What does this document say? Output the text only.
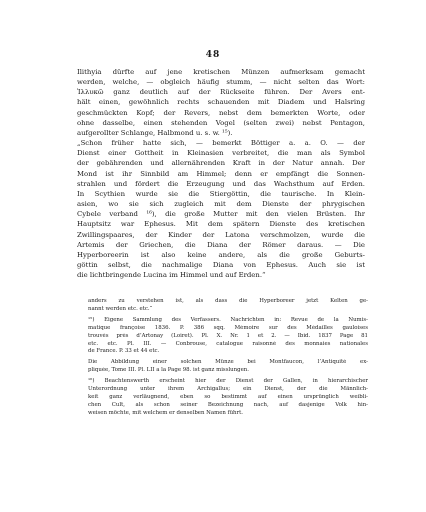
48
Ilithyia dürfte auf jene kretischen Münzen aufmerksam gemacht
werden, welche, — obgleich häufig stumm, — nicht selten das Wort:
Ἰλλυκῶ ganz deutlich auf der Rückseite führen. Der Avers ent-
hält einen, gewöhnlich rechts schauenden mit Diadem und Halsring
geschmückten Kopf; der Revers, nebst dem bemerkten Worte, oder
ohne dasselbe, einen stehenden Vogel (selten zwei) nebst Pentagon,
aufgerollter Schlange, Halbmond u. s. w. ¹⁵).
„Schon früher hatte sich, — bemerkt Böttiger a. a. O. — der
Dienst einer Gottheit in Kleinasien verbreitet, die man als Symbol
der gebährenden und allernährenden Kraft in der Natur annah. Der
Mond ist ihr Sinnbild am Himmel; denn er empfängt die Sonnen-
strahlen und fördert die Erzeugung und das Wachsthum auf Erden.
In Scythien wurde sie die Stiergöttin, die taurische. In Klein-
asien, wo sie sich zugleich mit dem Dienste der phrygischen
Cybele verband ¹⁶), die große Mutter mit den vielen Brüsten. Ihr
Hauptsitz war Ephesus. Mit dem spätern Dienste des kretischen
Zwillingspaares, der Kinder der Latona verschmolzen, wurde die
Artemis der Griechen, die Diana der Römer daraus. — Die
Hyperboreerin ist also keine andere, als die große Geburts-
göttin selbst, die nachmalige Diana von Ephesus. Auch sie ist
die lichtbringende Lucina im Himmel und auf Erden.“
anders zu verstehen ist, als dass die Hyperboreer jetzt Kelten ge-
nannt werden etc. etc.“
¹⁵) Eigene Sammlung des Verfassers. Nachrichten in: Revue de la Numis-
matique françoise 1836. P. 386 sqq. Mémoire sur des Médailles gauloises
trouvés près d’Artonay (Loiret). Pl. X. Nr. 1 et 2. — Ibid. 1837 Page 81
etc. etc. Pl. III. — Conbrouse, catalogue raisonné des monnaies nationales
de France. P. 33 et 44 etc.
Die Abbildung einer solchen Münze bei Montfaucon, l’Antiquité ex-
pliquée, Tome III. Pl. LII a la Page 98. ist ganz misslungen.
¹⁶) Beachtenswerth erscheint hier der Dienst der Gallen, in hierarchischer
Unterordnung unter ihrem Archigallus; ein Dienst, der die Männlich-
keit ganz verläugnend, eben so bestimmt auf einen ursprünglich weibli-
chen Cult, als schon seiner Bezeichnung nach, auf dasjenige Volk hin-
weisen möchte, mit welchem er denselben Namen führt.
